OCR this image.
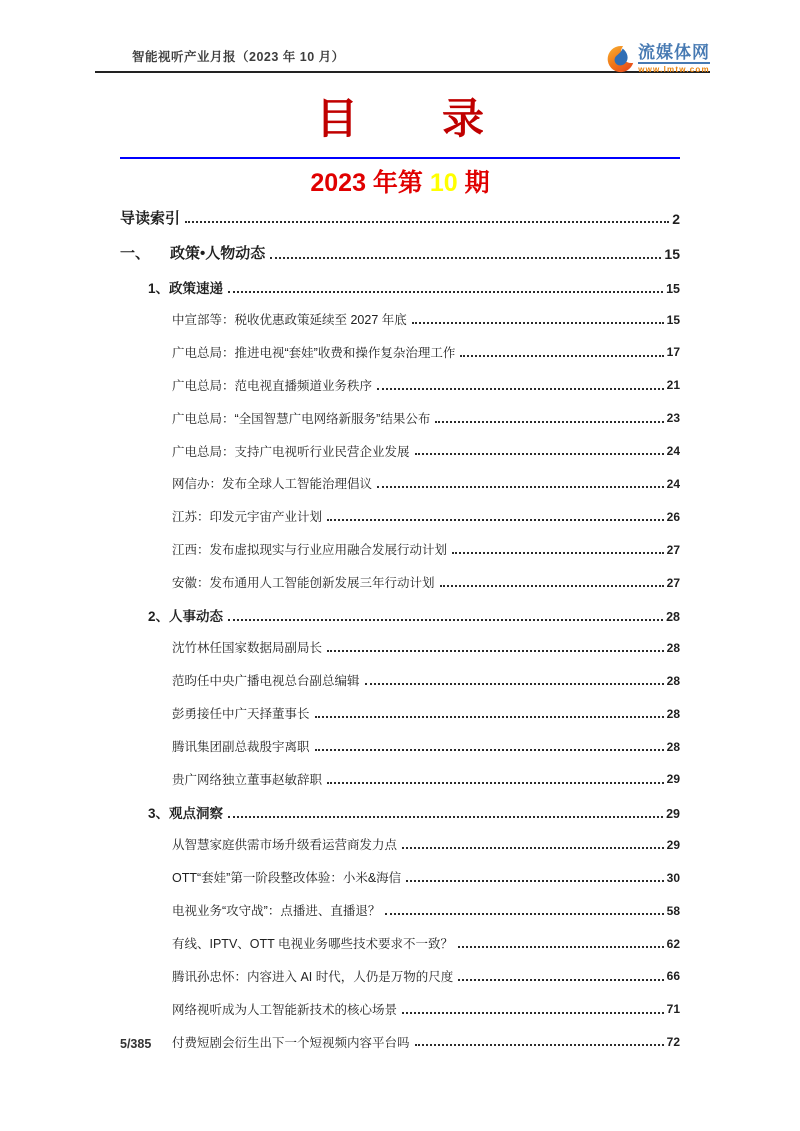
智能视听产业月报（2023 年 10 月）	流媒体网
www.lmtw.com
目　　录
2023 年第 10 期
导读索引	2
一、	政策•人物动态	15
1、政策速递	15
中宣部等：税收优惠政策延续至 2027 年底	15
广电总局：推进电视“套娃”收费和操作复杂治理工作	17
广电总局：范电视直播频道业务秩序	21
广电总局：“全国智慧广电网络新服务”结果公布	23
广电总局：支持广电视听行业民营企业发展	24
网信办：发布全球人工智能治理倡议	24
江苏：印发元宇宙产业计划	26
江西：发布虚拟现实与行业应用融合发展行动计划	27
安徽：发布通用人工智能创新发展三年行动计划	27
2、人事动态	28
沈竹林任国家数据局副局长	28
范昀任中央广播电视总台副总编辑	28
彭勇接任中广天择董事长	28
腾讯集团副总裁殷宇离职	28
贵广网络独立董事赵敏辞职	29
3、观点洞察	29
从智慧家庭供需市场升级看运营商发力点	29
OTT“套娃”第一阶段整改体验：小米&海信	30
电视业务“攻守战”：点播进、直播退？	58
有线、IPTV、OTT 电视业务哪些技术要求不一致？	62
腾讯孙忠怀：内容进入 AI 时代，人仍是万物的尺度	66
网络视听成为人工智能新技术的核心场景	71
付费短剧会衍生出下一个短视频内容平台吗	72
5/385
